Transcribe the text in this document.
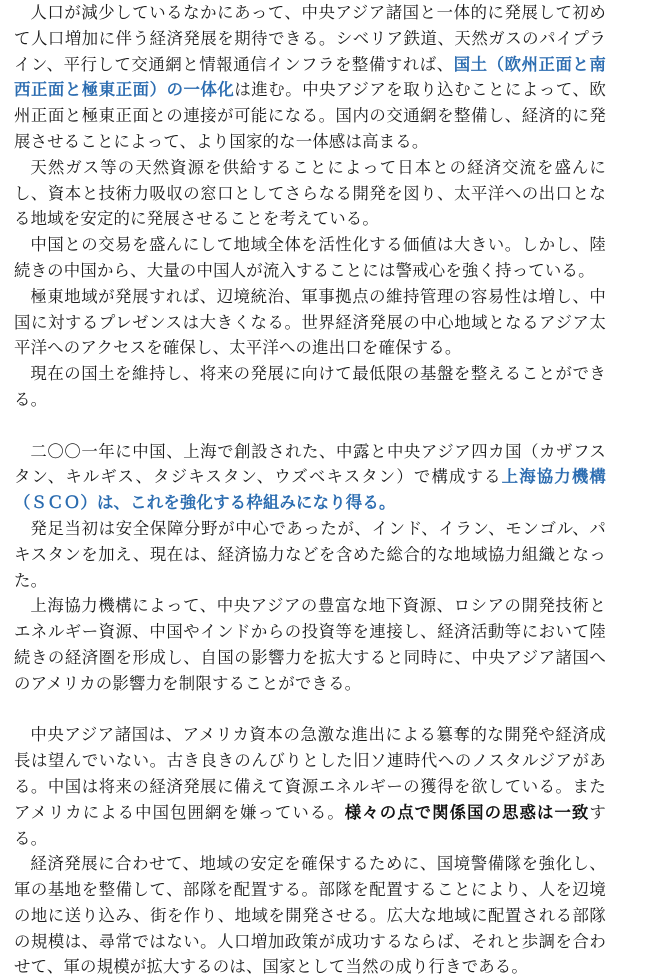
人口が減少しているなかにあって、中央アジア諸国と一体的に発展して初めて人口増加に伴う経済発展を期待できる。シベリア鉄道、天然ガスのパイプライン、平行して交通網と情報通信インフラを整備すれば、国土（欧州正面と南西正面と極東正面）の一体化は進む。中央アジアを取り込むことによって、欧州正面と極東正面との連接が可能になる。国内の交通網を整備し、経済的に発展させることによって、より国家的な一体感は高まる。

天然ガス等の天然資源を供給することによって日本との経済交流を盛んにし、資本と技術力吸収の窓口としてさらなる開発を図り、太平洋への出口となる地域を安定的に発展させることを考えている。

中国との交易を盛んにして地域全体を活性化する価値は大きい。しかし、陸続きの中国から、大量の中国人が流入することには警戒心を強く持っている。

極東地域が発展すれば、辺境統治、軍事拠点の維持管理の容易性は増し、中国に対するプレゼンスは大きくなる。世界経済発展の中心地域となるアジア太平洋へのアクセスを確保し、太平洋への進出口を確保する。

現在の国土を維持し、将来の発展に向けて最低限の基盤を整えることができる。

二〇〇一年に中国、上海で創設された、中露と中央アジア四カ国（カザフスタン、キルギス、タジキスタン、ウズベキスタン）で構成する上海協力機構（ＳＣＯ）は、これを強化する枠組みになり得る。

発足当初は安全保障分野が中心であったが、インド、イラン、モンゴル、パキスタンを加え、現在は、経済協力などを含めた総合的な地域協力組織となった。

上海協力機構によって、中央アジアの豊富な地下資源、ロシアの開発技術とエネルギー資源、中国やインドからの投資等を連接し、経済活動等において陸続きの経済圏を形成し、自国の影響力を拡大すると同時に、中央アジア諸国へのアメリカの影響力を制限することができる。

中央アジア諸国は、アメリカ資本の急激な進出による簒奪的な開発や経済成長は望んでいない。古き良きのんびりとした旧ソ連時代へのノスタルジアがある。中国は将来の経済発展に備えて資源エネルギーの獲得を欲している。またアメリカによる中国包囲網を嫌っている。様々の点で関係国の思惑は一致する。

経済発展に合わせて、地域の安定を確保するために、国境警備隊を強化し、軍の基地を整備して、部隊を配置する。部隊を配置することにより、人を辺境の地に送り込み、街を作り、地域を開発させる。広大な地域に配置される部隊の規模は、尋常ではない。人口増加政策が成功するならば、それと歩調を合わせて、軍の規模が拡大するのは、国家として当然の成り行きである。
